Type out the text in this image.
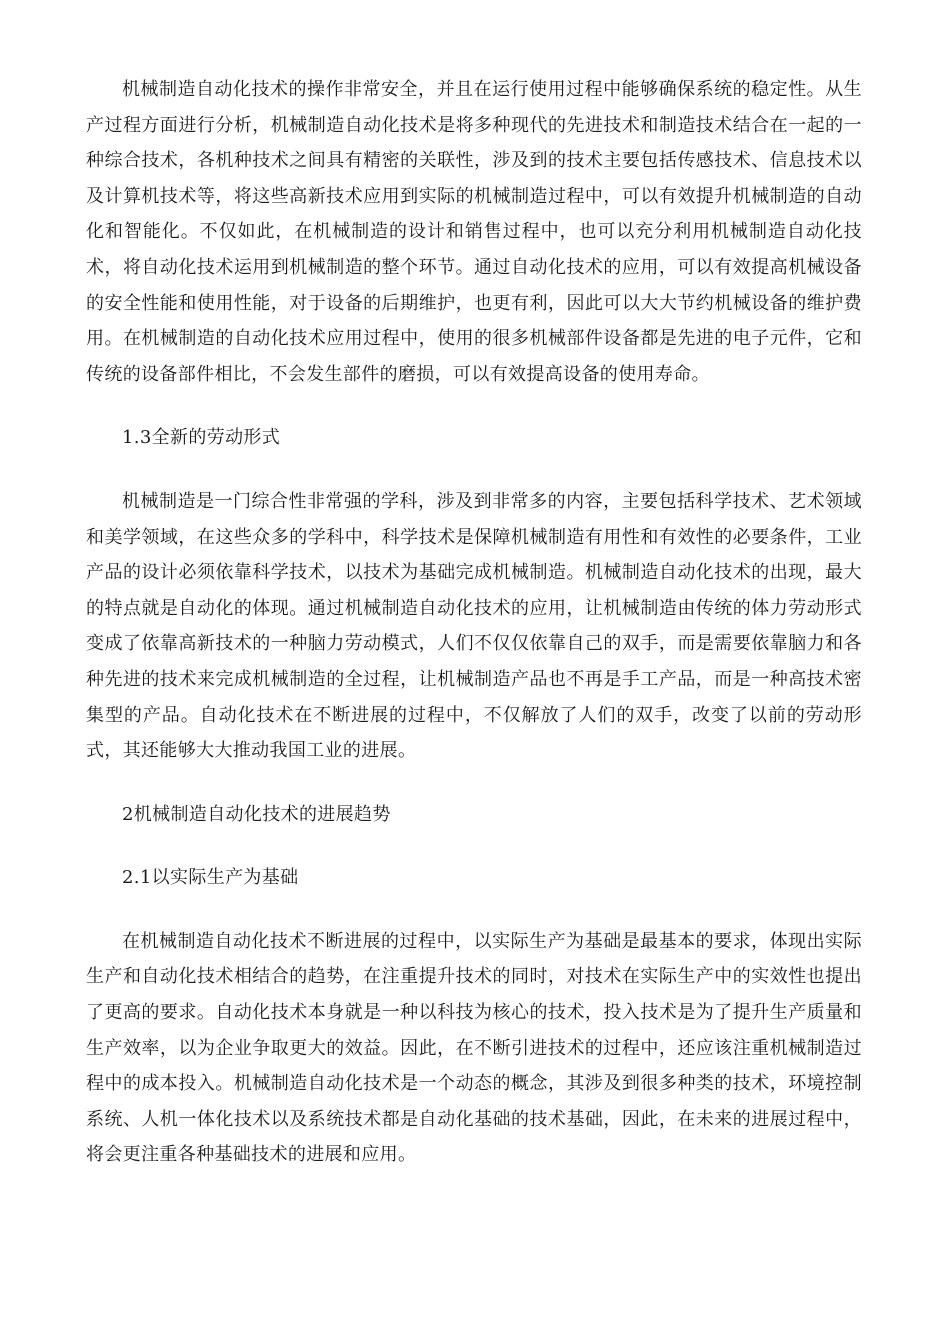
机械制造自动化技术的操作非常安全，并且在运行使用过程中能够确保系统的稳定性。从生产过程方面进行分析，机械制造自动化技术是将多种现代的先进技术和制造技术结合在一起的一种综合技术，各机种技术之间具有精密的关联性，涉及到的技术主要包括传感技术、信息技术以及计算机技术等，将这些高新技术应用到实际的机械制造过程中，可以有效提升机械制造的自动化和智能化。不仅如此，在机械制造的设计和销售过程中，也可以充分利用机械制造自动化技术，将自动化技术运用到机械制造的整个环节。通过自动化技术的应用，可以有效提高机械设备的安全性能和使用性能，对于设备的后期维护，也更有利，因此可以大大节约机械设备的维护费用。在机械制造的自动化技术应用过程中，使用的很多机械部件设备都是先进的电子元件，它和传统的设备部件相比，不会发生部件的磨损，可以有效提高设备的使用寿命。

1.3全新的劳动形式

机械制造是一门综合性非常强的学科，涉及到非常多的内容，主要包括科学技术、艺术领域和美学领域，在这些众多的学科中，科学技术是保障机械制造有用性和有效性的必要条件，工业产品的设计必须依靠科学技术，以技术为基础完成机械制造。机械制造自动化技术的出现，最大的特点就是自动化的体现。通过机械制造自动化技术的应用，让机械制造由传统的体力劳动形式变成了依靠高新技术的一种脑力劳动模式，人们不仅仅依靠自己的双手，而是需要依靠脑力和各种先进的技术来完成机械制造的全过程，让机械制造产品也不再是手工产品，而是一种高技术密集型的产品。自动化技术在不断进展的过程中，不仅解放了人们的双手，改变了以前的劳动形式，其还能够大大推动我国工业的进展。

2机械制造自动化技术的进展趋势

2.1以实际生产为基础

在机械制造自动化技术不断进展的过程中，以实际生产为基础是最基本的要求，体现出实际生产和自动化技术相结合的趋势，在注重提升技术的同时，对技术在实际生产中的实效性也提出了更高的要求。自动化技术本身就是一种以科技为核心的技术，投入技术是为了提升生产质量和生产效率，以为企业争取更大的效益。因此，在不断引进技术的过程中，还应该注重机械制造过程中的成本投入。机械制造自动化技术是一个动态的概念，其涉及到很多种类的技术，环境控制系统、人机一体化技术以及系统技术都是自动化基础的技术基础，因此，在未来的进展过程中，将会更注重各种基础技术的进展和应用。
